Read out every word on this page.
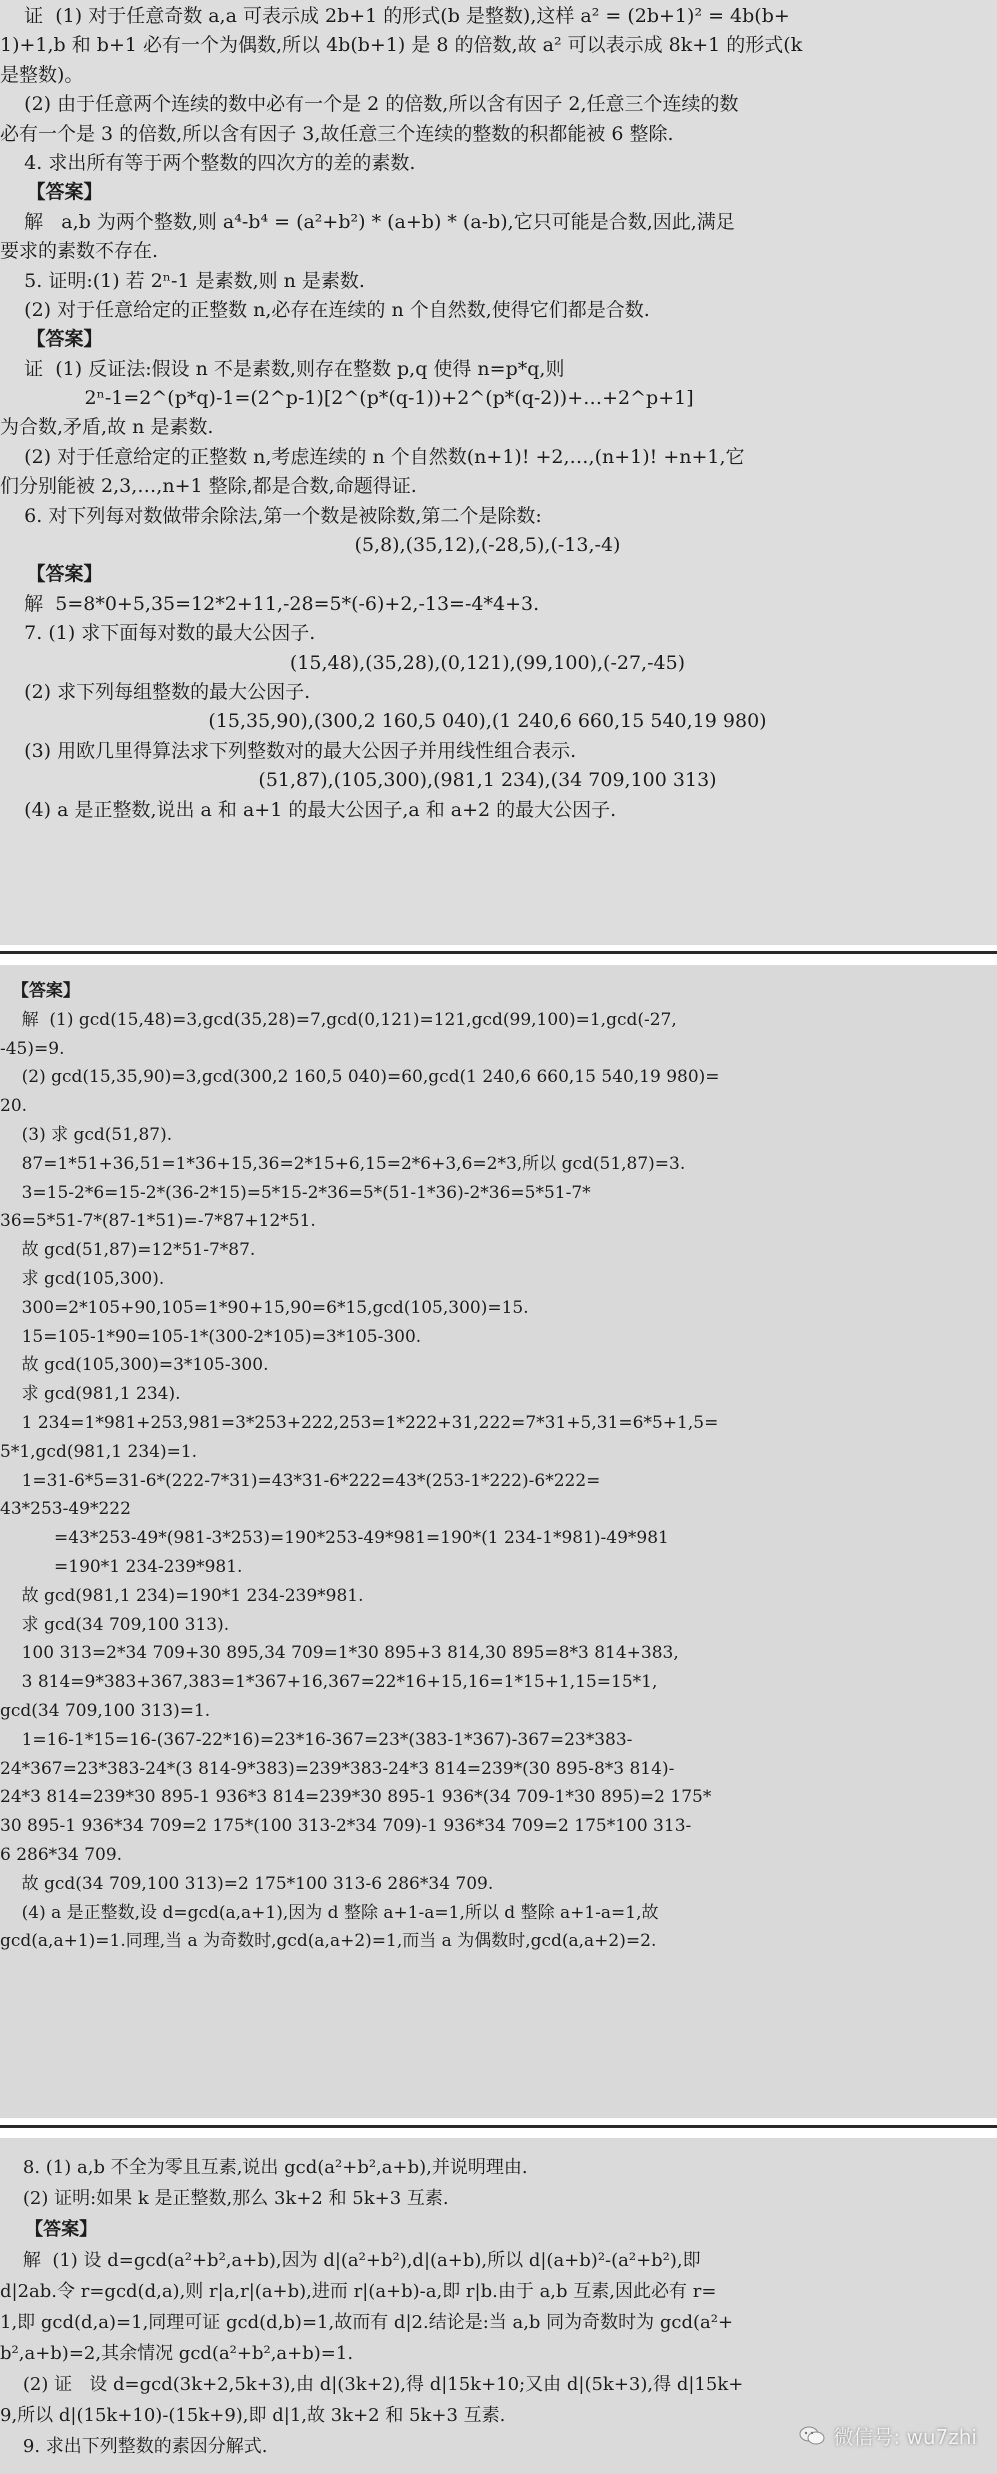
证  (1) 对于任意奇数 a,a 可表示成 2b+1 的形式(b 是整数),这样 a² = (2b+1)² = 4b(b+
1)+1,b 和 b+1 必有一个为偶数,所以 4b(b+1) 是 8 的倍数,故 a² 可以表示成 8k+1 的形式(k
是整数)。
(2) 由于任意两个连续的数中必有一个是 2 的倍数,所以含有因子 2,任意三个连续的数
必有一个是 3 的倍数,所以含有因子 3,故任意三个连续的整数的积都能被 6 整除.
4. 求出所有等于两个整数的四次方的差的素数.
【答案】
解   a,b 为两个整数,则 a⁴-b⁴ = (a²+b²) * (a+b) * (a-b),它只可能是合数,因此,满足
要求的素数不存在.
5. 证明:(1) 若 2ⁿ-1 是素数,则 n 是素数.
(2) 对于任意给定的正整数 n,必存在连续的 n 个自然数,使得它们都是合数.
【答案】
证  (1) 反证法:假设 n 不是素数,则存在整数 p,q 使得 n=p*q,则
2ⁿ-1=2^(p*q)-1=(2^p-1)[2^(p*(q-1))+2^(p*(q-2))+…+2^p+1]
为合数,矛盾,故 n 是素数.
(2) 对于任意给定的正整数 n,考虑连续的 n 个自然数(n+1)! +2,…,(n+1)! +n+1,它
们分别能被 2,3,…,n+1 整除,都是合数,命题得证.
6. 对下列每对数做带余除法,第一个数是被除数,第二个是除数:
(5,8),(35,12),(-28,5),(-13,-4)
【答案】
解  5=8*0+5,35=12*2+11,-28=5*(-6)+2,-13=-4*4+3.
7. (1) 求下面每对数的最大公因子.
(15,48),(35,28),(0,121),(99,100),(-27,-45)
(2) 求下列每组整数的最大公因子.
(15,35,90),(300,2 160,5 040),(1 240,6 660,15 540,19 980)
(3) 用欧几里得算法求下列整数对的最大公因子并用线性组合表示.
(51,87),(105,300),(981,1 234),(34 709,100 313)
(4) a 是正整数,说出 a 和 a+1 的最大公因子,a 和 a+2 的最大公因子.
【答案】
解  (1) gcd(15,48)=3,gcd(35,28)=7,gcd(0,121)=121,gcd(99,100)=1,gcd(-27,
-45)=9.
(2) gcd(15,35,90)=3,gcd(300,2 160,5 040)=60,gcd(1 240,6 660,15 540,19 980)=
20.
(3) 求 gcd(51,87).
87=1*51+36,51=1*36+15,36=2*15+6,15=2*6+3,6=2*3,所以 gcd(51,87)=3.
3=15-2*6=15-2*(36-2*15)=5*15-2*36=5*(51-1*36)-2*36=5*51-7*
36=5*51-7*(87-1*51)=-7*87+12*51.
故 gcd(51,87)=12*51-7*87.
求 gcd(105,300).
300=2*105+90,105=1*90+15,90=6*15,gcd(105,300)=15.
15=105-1*90=105-1*(300-2*105)=3*105-300.
故 gcd(105,300)=3*105-300.
求 gcd(981,1 234).
1 234=1*981+253,981=3*253+222,253=1*222+31,222=7*31+5,31=6*5+1,5=
5*1,gcd(981,1 234)=1.
1=31-6*5=31-6*(222-7*31)=43*31-6*222=43*(253-1*222)-6*222=
43*253-49*222
=43*253-49*(981-3*253)=190*253-49*981=190*(1 234-1*981)-49*981
=190*1 234-239*981.
故 gcd(981,1 234)=190*1 234-239*981.
求 gcd(34 709,100 313).
100 313=2*34 709+30 895,34 709=1*30 895+3 814,30 895=8*3 814+383,
3 814=9*383+367,383=1*367+16,367=22*16+15,16=1*15+1,15=15*1,
gcd(34 709,100 313)=1.
1=16-1*15=16-(367-22*16)=23*16-367=23*(383-1*367)-367=23*383-
24*367=23*383-24*(3 814-9*383)=239*383-24*3 814=239*(30 895-8*3 814)-
24*3 814=239*30 895-1 936*3 814=239*30 895-1 936*(34 709-1*30 895)=2 175*
30 895-1 936*34 709=2 175*(100 313-2*34 709)-1 936*34 709=2 175*100 313-
6 286*34 709.
故 gcd(34 709,100 313)=2 175*100 313-6 286*34 709.
(4) a 是正整数,设 d=gcd(a,a+1),因为 d 整除 a+1-a=1,所以 d 整除 a+1-a=1,故
gcd(a,a+1)=1.同理,当 a 为奇数时,gcd(a,a+2)=1,而当 a 为偶数时,gcd(a,a+2)=2.
8. (1) a,b 不全为零且互素,说出 gcd(a²+b²,a+b),并说明理由.
(2) 证明:如果 k 是正整数,那么 3k+2 和 5k+3 互素.
【答案】
解  (1) 设 d=gcd(a²+b²,a+b),因为 d|(a²+b²),d|(a+b),所以 d|(a+b)²-(a²+b²),即
d|2ab.令 r=gcd(d,a),则 r|a,r|(a+b),进而 r|(a+b)-a,即 r|b.由于 a,b 互素,因此必有 r=
1,即 gcd(d,a)=1,同理可证 gcd(d,b)=1,故而有 d|2.结论是:当 a,b 同为奇数时为 gcd(a²+
b²,a+b)=2,其余情况 gcd(a²+b²,a+b)=1.
(2) 证   设 d=gcd(3k+2,5k+3),由 d|(3k+2),得 d|15k+10;又由 d|(5k+3),得 d|15k+
9,所以 d|(15k+10)-(15k+9),即 d|1,故 3k+2 和 5k+3 互素.
9. 求出下列整数的素因分解式.	微信号: wu7zhi
